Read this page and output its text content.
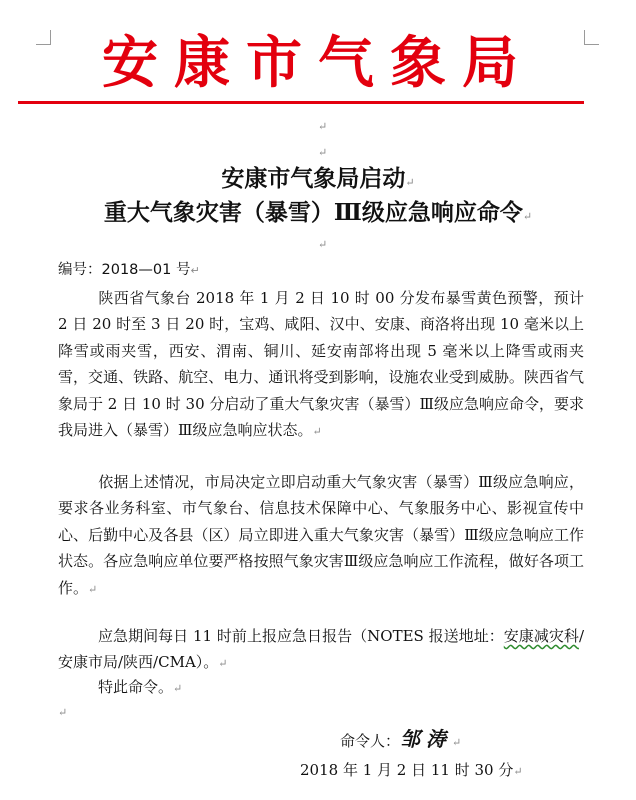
安康市气象局
↵
↵
安康市气象局启动↵
重大气象灾害（暴雪）Ⅲ级应急响应命令↵
↵
编号：2018—01 号↵
陕西省气象台 2018 年 1 月 2 日 10 时 00 分发布暴雪黄色预警，预计 2 日 20 时至 3 日 20 时，宝鸡、咸阳、汉中、安康、商洛将出现 10 毫米以上降雪或雨夹雪，西安、渭南、铜川、延安南部将出现 5 毫米以上降雪或雨夹雪，交通、铁路、航空、电力、通讯将受到影响，设施农业受到威胁。陕西省气象局于 2 日 10 时 30 分启动了重大气象灾害（暴雪）Ⅲ级应急响应命令，要求我局进入（暴雪）Ⅲ级应急响应状态。↵
依据上述情况，市局决定立即启动重大气象灾害（暴雪）Ⅲ级应急响应，要求各业务科室、市气象台、信息技术保障中心、气象服务中心、影视宣传中心、后勤中心及各县（区）局立即进入重大气象灾害（暴雪）Ⅲ级应急响应工作状态。各应急响应单位要严格按照气象灾害Ⅲ级应急响应工作流程，做好各项工作。↵
应急期间每日 11 时前上报应急日报告（NOTES 报送地址：安康减灾科/安康市局/陕西/CMA）。↵
特此命令。↵
↵
命令人：邹涛↵
2018 年 1 月 2 日 11 时 30 分↵
